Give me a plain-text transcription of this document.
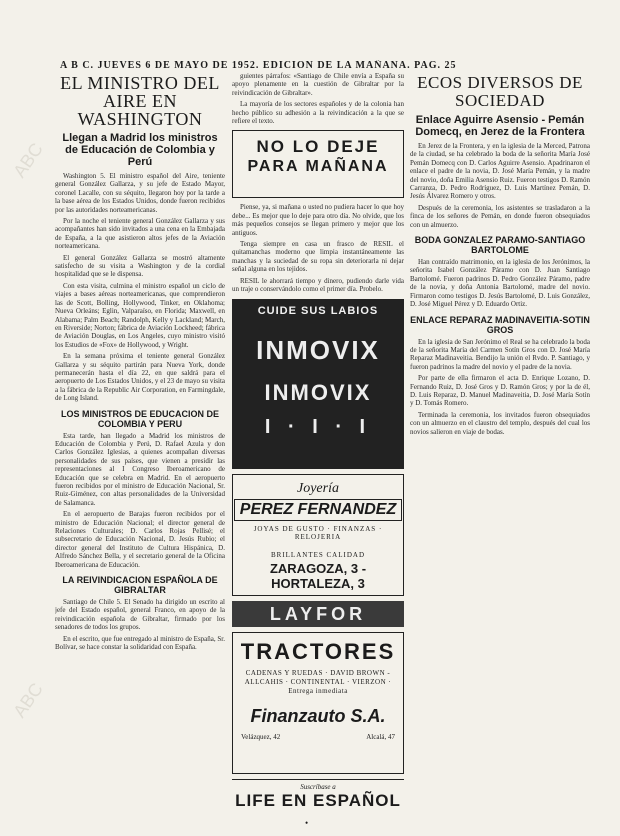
ABC
ABC
A B C. JUEVES 6 DE MAYO DE 1952. EDICION DE LA MAÑANA. PAG. 25
EL MINISTRO DEL AIRE EN WASHINGTON
Llegan a Madrid los ministros de Educación de Colombia y Perú

Washington 5. El ministro español del Aire, teniente general González Gallarza, y su jefe de Estado Mayor, coronel Lacalle, con su séquito, llegaron hoy por la tarde a la base aérea de los Estados Unidos, donde fueron recibidos por las autoridades norteamericanas.

Por la noche el teniente general González Gallarza y sus acompañantes han sido invitados a una cena en la Embajada de España, a la que asistieron altos jefes de la Aviación norteamericana.

El general González Gallarza se mostró altamente satisfecho de su visita a Washington y de la cordial hospitalidad que se le dispensa.

Con esta visita, culmina el ministro español un ciclo de viajes a bases aéreas norteamericanas, que comprendieron las de Scott, Bolling, Hollywood, Tinker, en Oklahoma; Nueva Orleáns; Eglin, Valparaíso, en Florida; Maxwell, en Alabama; Palm Beach; Randolph, Kelly y Lackland; March, en Riverside; Norton; fábrica de Aviación Lockheed; fábrica de Aviación Douglas, en Los Angeles, cuyo ministro visitó los Estudios de «Fox» de Hollywood, y Wright.

En la semana próxima el teniente general González Gallarza y su séquito partirán para Nueva York, donde permanecerán hasta el día 22, en que saldrá para el aeropuerto de Los Estados Unidos, y el 23 de mayo su visita a la fábrica de la Republic Air Corporation, en Farmingdale, de Long Island.

LOS MINISTROS DE EDUCACION DE COLOMBIA Y PERU

Esta tarde, han llegado a Madrid los ministros de Educación de Colombia y Perú, D. Rafael Azula y don Carlos González Iglesias, a quienes acompañan diversas personalidades de sus países, que vienen a presidir las representaciones al I Congreso Iberoamericano de Educación que se celebra en Madrid. En el aeropuerto fueron recibidos por el ministro de Educación Nacional, Sr. Ruiz-Giménez, con altas personalidades de la Universidad de Salamanca.

En el aeropuerto de Barajas fueron recibidos por el ministro de Educación Nacional; el director general de Relaciones Culturales; D. Carlos Rojas Pellisé; el subsecretario de Educación Nacional, D. Jesús Rubio; el director general del Instituto de Cultura Hispánica, D. Alfredo Sánchez Bella, y el secretario general de la Oficina Iberoamericana de Educación.

LA REIVINDICACION ESPAÑOLA DE GIBRALTAR

Santiago de Chile 5. El Senado ha dirigido un escrito al jefe del Estado español, general Franco, en apoyo de la reivindicación española de Gibraltar, firmado por los senadores de todos los grupos.

En el escrito, que fue entregado al ministro de España, Sr. Bolívar, se hace constar la solidaridad con España.

guientes párrafos: «Santiago de Chile envía a España su apoyo plenamente en la cuestión de Gibraltar por la reivindicación de Gibraltar».

La mayoría de los sectores españoles y de la colonia han hecho público su adhesión a la reivindicación a la que se refiere el texto.

NO LO DEJE
PARA MAÑANA

Piense, ya, si mañana o usted no pudiera hacer lo que hoy debe... Es mejor que lo deje para otro día. No olvide, que los más pequeños consejos se llegan primero y mejor que los antiguos.

Tenga siempre en casa un frasco de RESIL el quitamanchas moderno que limpia instantáneamente las manchas y la suciedad de su ropa sin deteriorarla ni dejar señal alguna en los tejidos.

RESIL le ahorrará tiempo y dinero, pudiendo darle vida un traje o conservándolo como el primer día. Probelo.

CUIDE SUS LABIOS
INMOVIX
INMOVIX
I · I · I
Joyería
PEREZ FERNANDEZ
JOYAS DE GUSTO · FINANZAS · RELOJERIA
BRILLANTES CALIDAD
ZARAGOZA, 3 - HORTALEZA, 3
LAYFOR
TRACTORES
CADENAS Y RUEDAS · DAVID BROWN - ALLCAHIS · CONTINENTAL · VIERZON · Entrega inmediata
Finanzauto S.A.
Velázquez, 42	Alcalá, 47
Suscríbase a
LIFE EN ESPAÑOL

ECOS DIVERSOS DE SOCIEDAD
Enlace Aguirre Asensio - Pemán Domecq, en Jerez de la Frontera

En Jerez de la Frontera, y en la iglesia de la Merced, Patrona de la ciudad, se ha celebrado la boda de la señorita María José Pemán Domecq con D. Carlos Aguirre Asensio. Apadrinaron el enlace el padre de la novia, D. José María Pemán, y la madre del novio, doña Emilia Asensio Ruiz. Fueron testigos D. Ramón Carranza, D. Pedro Rodríguez, D. Luis Martínez Pemán, D. Jesús Álvarez Romero y otros.

Después de la ceremonia, los asistentes se trasladaron a la finca de los señores de Pemán, en donde fueron obsequiados con un almuerzo.

BODA GONZALEZ PARAMO-SANTIAGO BARTOLOME

Han contraído matrimonio, en la iglesia de los Jerónimos, la señorita Isabel González Páramo con D. Juan Santiago Bartolomé. Fueron padrinos D. Pedro González Páramo, padre de la novia, y doña Antonia Bartolomé, madre del novio. Firmaron como testigos D. Jesús Bartolomé, D. Luis González, D. José Miguel Pérez y D. Eduardo Ortiz.

ENLACE REPARAZ MADINAVEITIA-SOTIN GROS

En la iglesia de San Jerónimo el Real se ha celebrado la boda de la señorita María del Carmen Sotín Gros con D. José María Reparaz Madinaveitia. Bendijo la unión el Rvdo. P. Santiago, y fueron padrinos la madre del novio y el padre de la novia.

Por parte de ella firmaron el acta D. Enrique Lozano, D. Fernando Ruiz, D. José Gros y D. Ramón Gros; y por la de él, D. Luis Reparaz, D. Manuel Madinaveitia, D. José María Sotín y D. Tomás Romero.

Terminada la ceremonia, los invitados fueron obsequiados con un almuerzo en el claustro del templo, después del cual los novios salieron en viaje de bodas.

•
